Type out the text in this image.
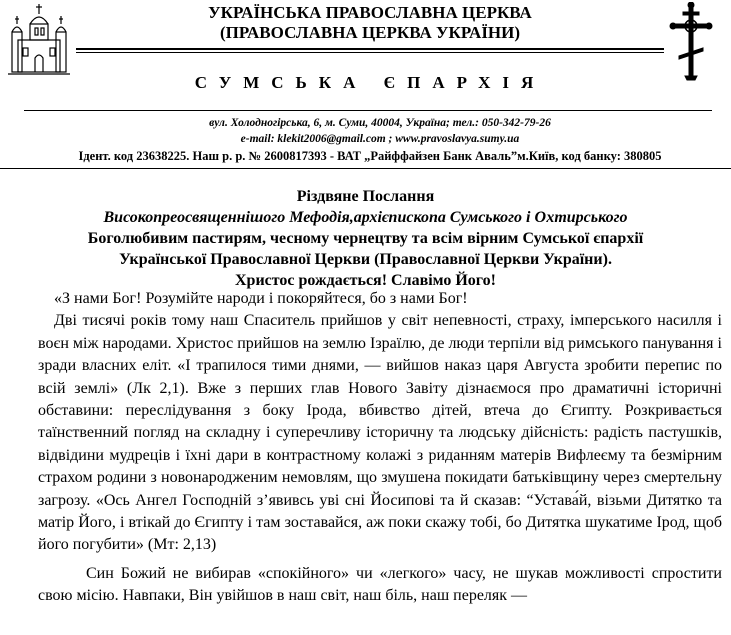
УКРАЇНСЬКА ПРАВОСЛАВНА ЦЕРКВА
(ПРАВОСЛАВНА ЦЕРКВА УКРАЇНИ)
СУМСЬКА ЄПАРХІЯ
вул. Холодногірська, 6, м. Суми, 40004, Україна; тел.: 050-342-79-26
e-mail: klekit2006@gmail.com ; www.pravoslavya.sumy.ua
Ідент. код 23638225. Наш р. р. № 2600817393 - ВАТ „Райффайзен Банк Аваль”м.Київ, код банку: 380805
Різдвяне Послання
Високопреосвященнішого Мефодія,архієпископа Сумського і Охтирського
Боголюбивим пастирям, чесному чернецтву та всім вірним Сумської єпархії
Української Православної Церкви (Православної Церкви України).
Христос рождається! Славімо Його!

«З нами Бог! Розумійте народи і покоряйтеся, бо з нами Бог!

Дві тисячі років тому наш Спаситель прийшов у світ непевності, страху, імперського насилля і воєн між народами. Христос прийшов на землю Ізраїлю, де люди терпіли від римського панування і зради власних еліт. «І трапилося тими днями, — вийшов наказ царя Августа зробити перепис по всій землі» (Лк 2,1). Вже з перших глав Нового Завіту дізнаємося про драматичні історичні обставини: переслідування з боку Ірода, вбивство дітей, втеча до Єгипту. Розкривається таїнственний погляд на складну і суперечливу історичну та людську дійсність: радість пастушків, відвідини мудреців і їхні дари в контрастному колажі з риданням матерів Вифлеєму та безмірним страхом родини з новонародженим немовлям, що змушена покидати батьківщину через смертельну загрозу. «Ось Ангел Господній з’явивсь уві сні Йосипові та й сказав: “Устава́й, візьми Дитятко та матір Його, і втікай до Єгипту і там зоставайся, аж поки скажу тобі, бо Дитятка шукатиме Ірод, щоб його погубити» (Мт: 2,13)

Син Божий не вибирав «спокійного» чи «легкого» часу, не шукав можливості спростити свою місію. Навпаки, Він увійшов в наш світ, наш біль, наш переляк —
